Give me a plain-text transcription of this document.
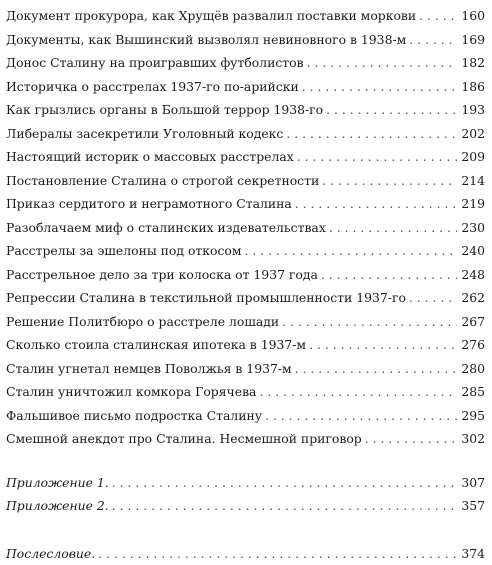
Документ прокурора, как Хрущёв развалил поставки моркови . . .	160
Документы, как Вышинский вызволял невиновного в 1938-м . . .	169
Донос Сталину на проигравших футболистов . . .	182
Историчка о расстрелах 1937-го по-арийски . . .	186
Как грызлись органы в Большой террор 1938-го . . .	193
Либералы засекретили Уголовный кодекс . . .	202
Настоящий историк о массовых расстрелах . . .	209
Постановление Сталина о строгой секретности . . .	214
Приказ сердитого и неграмотного Сталина . . .	219
Разоблачаем миф о сталинских издевательствах . . .	230
Расстрелы за эшелоны под откосом . . .	240
Расстрельное дело за три колоска от 1937 года . . .	248
Репрессии Сталина в текстильной промышленности 1937-го . . .	262
Решение Политбюро о расстреле лошади . . .	267
Сколько стоила сталинская ипотека в 1937-м . . .	276
Сталин угнетал немцев Поволжья в 1937-м . . .	280
Сталин уничтожил комкора Горячева . . .	285
Фальшивое письмо подростка Сталину . . .	295
Смешной анекдот про Сталина. Несмешной приговор . . .	302
Приложение 1. . . .	307
Приложение 2. . . .	357
Послесловие. . . .	374
